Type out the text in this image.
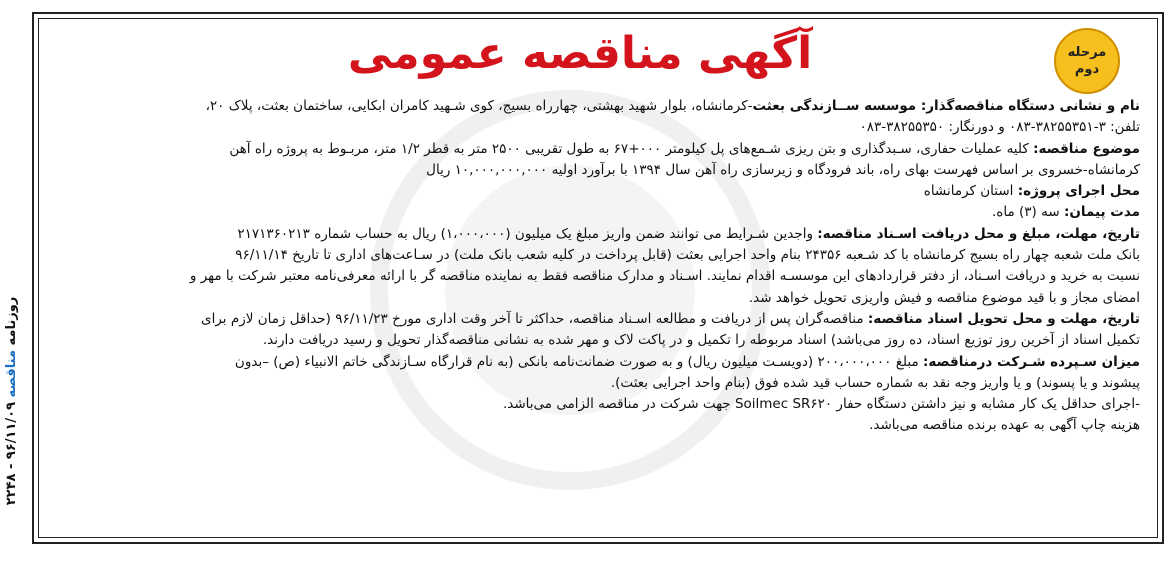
روزنامه مناقصه ۹۶/۱۱/۰۹ - ۲۲۴۸
آگهی مناقصه عمومی	مرحله
دوم
نام و نشانی دستگاه مناقصه‌گذار: موسسه ســازندگی بعثت-کرمانشاه، بلوار شهید بهشتی، چهارراه بسیج، کوی شـهید کامران ابکایی، ساختمان بعثت، پلاک ۲۰،
تلفن: ۳-۳۸۲۵۵۳۵۱-۰۸۳ و دورنگار: ۳۸۲۵۵۳۵۰-۰۸۳
موضوع مناقصه: کلیه عملیات حفاری، سـبدگذاری و بتن ریزی شـمع‌های پل کیلومتر ۰۰۰+۶۷ به طول تقریبی ۲۵۰۰ متر به قطر ۱/۲ متر، مربـوط به پروژه راه آهن
کرمانشاه-خسروی بر اساس فهرست بهای راه، باند فرودگاه و زیرسازی راه آهن سال ۱۳۹۴ با برآورد اولیه ۱۰,۰۰۰,۰۰۰,۰۰۰ ریال
محل اجرای پروژه: استان کرمانشاه
مدت پیمان: سه (۳) ماه.
تاریخ، مهلت، مبلغ و محل دریافت اسـناد مناقصه: واجدین شـرایط می توانند ضمن واریز مبلغ یک میلیون (۱،۰۰۰،۰۰۰) ریال به حساب شماره ۲۱۷۱۳۶۰۲۱۳
بانک ملت شعبه چهار راه بسیج کرمانشاه با کد شـعبه ۲۴۳۵۶ بنام واحد اجرایی بعثت (قابل پرداخت در کلیه شعب بانک ملت) در سـاعت‌های اداری تا تاریخ ۹۶/۱۱/۱۴
نسبت به خرید و دریافت اسـناد، از دفتر قراردادهای این موسسـه اقدام نمایند. اسـناد و مدارک مناقصه فقط به نماینده مناقصه گر با ارائه معرفی‌نامه معتبر شرکت با مهر و
امضای مجاز و با قید موضوع مناقصه و فیش واریزی تحویل خواهد شد.
تاریخ، مهلت و محل تحویل اسناد مناقصه: مناقصه‌گران پس از دریافت و مطالعه اسـناد مناقصه، حداکثر تا آخر وقت اداری مورخ ۹۶/۱۱/۲۳ (حداقل زمان لازم برای
تکمیل اسناد از آخرین روز توزیع اسناد، ده روز می‌باشد) اسناد مربوطه را تکمیل و در پاکت لاک و مهر شده به نشانی مناقصه‌گذار تحویل و رسید دریافت دارند.
میزان سـپرده شـرکت درمناقصه: مبلغ ۲۰۰،۰۰۰،۰۰۰ (دویسـت میلیون ریال) و به صورت ضمانت‌نامه بانکی (به نام قرارگاه سـازندگی خاتم الانبیاء (ص) –بدون
پیشوند و یا پسوند) و یا واریز وجه نقد به شماره حساب قید شده فوق (بنام واحد اجرایی بعثت).
-اجرای حداقل یک کار مشابه و نیز داشتن دستگاه حفار Soilmec SR۶۲۰ جهت شرکت در مناقصه الزامی می‌باشد.
هزینه چاپ آگهی به عهده برنده مناقصه می‌باشد.
